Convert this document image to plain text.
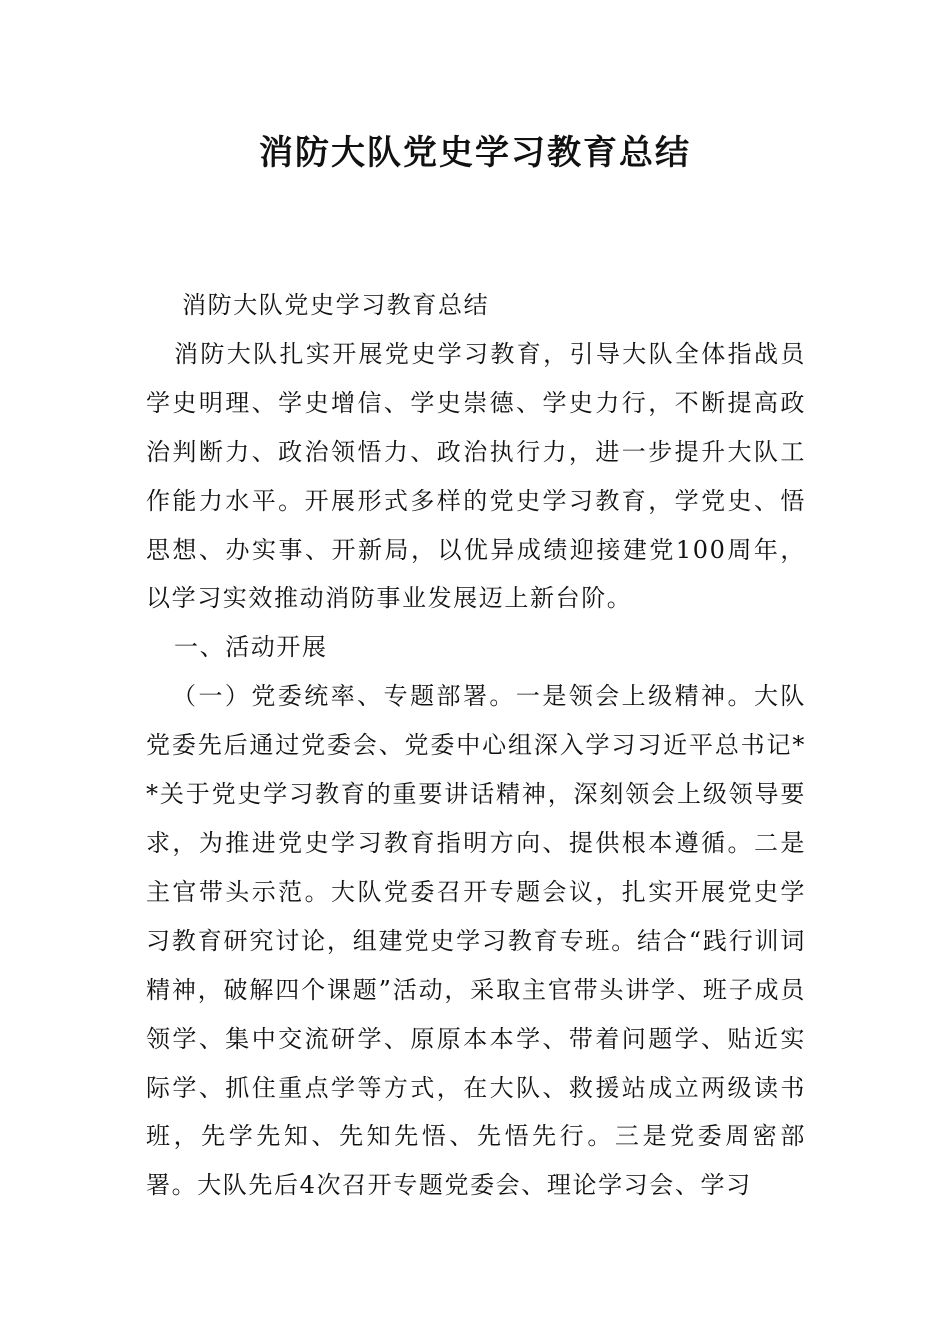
消防大队党史学习教育总结

消防大队党史学习教育总结

消防大队扎实开展党史学习教育，引导大队全体指战员学史明理、学史增信、学史崇德、学史力行，不断提高政治判断力、政治领悟力、政治执行力，进一步提升大队工作能力水平。开展形式多样的党史学习教育，学党史、悟思想、办实事、开新局，以优异成绩迎接建党100周年，以学习实效推动消防事业发展迈上新台阶。

一、活动开展

（一）党委统率、专题部署。一是领会上级精神。大队党委先后通过党委会、党委中心组深入学习习近平总书记**关于党史学习教育的重要讲话精神，深刻领会上级领导要求，为推进党史学习教育指明方向、提供根本遵循。二是主官带头示范。大队党委召开专题会议，扎实开展党史学习教育研究讨论，组建党史学习教育专班。结合“践行训词精神，破解四个课题”活动，采取主官带头讲学、班子成员领学、集中交流研学、原原本本学、带着问题学、贴近实际学、抓住重点学等方式，在大队、救援站成立两级读书班，先学先知、先知先悟、先悟先行。三是党委周密部署。大队先后4次召开专题党委会、理论学习会、学习
